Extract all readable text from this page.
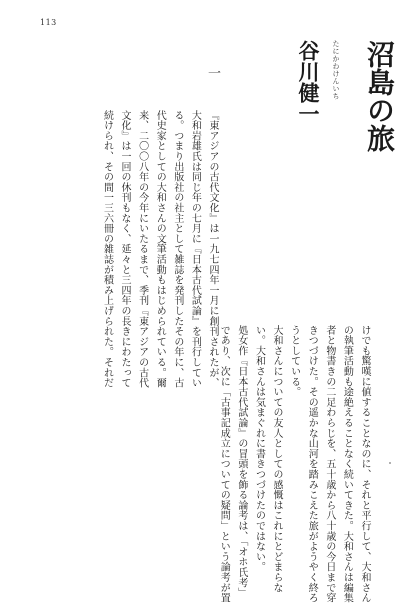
113
沼島の旅
たにかわけんいち
谷川健一
一
『東アジアの古代文化』は一九七四年一月に創刊されたが、
大和岩雄氏は同じ年の七月に『日本古代試論』を刊行してい
る。つまり出版社の社主として雑誌を発刊したその年に、古
代史家としての大和さんの文筆活動もはじめられている。爾
来、二〇〇八年の今年にいたるまで、季刊『東アジアの古代
文化』は一回の休刊もなく、延々と三四年の長きにわたって
続けられ、その間一三六冊の雑誌が積み上げられた。それだ
けでも驚嘆に値することなのに、それと平行して、大和さん
の執筆活動も途絶えることなく続いてきた。大和さんは編集
者と物書きの二足わらじを、五十歳から八十歳の今日まで穿
きつづけた。その遥かな山河を踏みこえた旅がようやく終ろ
うとしている。
大和さんについての友人としての感慨はこれにとどまらな
い。大和さんは気まぐれに書きつづけたのではない。
処女作『日本古代試論』の冒頭を飾る論考は、「オホ氏考」
であり、次に「古事記成立についての疑問」という論考が置
